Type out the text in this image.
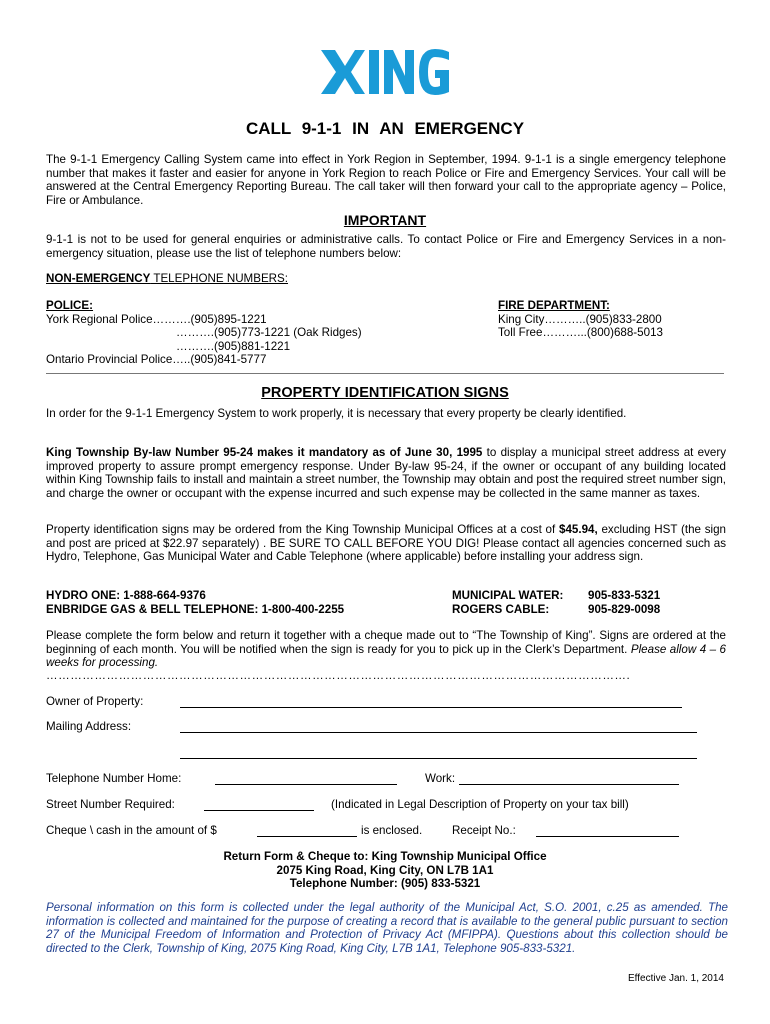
CALL 9-1-1 IN AN EMERGENCY

The 9-1-1 Emergency Calling System came into effect in York Region in September, 1994. 9-1-1 is a single emergency telephone number that makes it faster and easier for anyone in York Region to reach Police or Fire and Emergency Services. Your call will be answered at the Central Emergency Reporting Bureau. The call taker will then forward your call to the appropriate agency – Police, Fire or Ambulance.

IMPORTANT

9-1-1 is not to be used for general enquiries or administrative calls. To contact Police or Fire and Emergency Services in a non-emergency situation, please use the list of telephone numbers below:

NON-EMERGENCY TELEPHONE NUMBERS:
POLICE:
York Regional Police……….(905)895-1221
……….(905)773-1221 (Oak Ridges)
……….(905)881-1221
Ontario Provincial Police…..(905)841-5777
FIRE DEPARTMENT:
King City………..(905)833-2800
Toll Free………...(800)688-5013
PROPERTY IDENTIFICATION SIGNS

In order for the 9-1-1 Emergency System to work properly, it is necessary that every property be clearly identified.

King Township By-law Number 95-24 makes it mandatory as of June 30, 1995 to display a municipal street address at every improved property to assure prompt emergency response. Under By-law 95-24, if the owner or occupant of any building located within King Township fails to install and maintain a street number, the Township may obtain and post the required street number sign, and charge the owner or occupant with the expense incurred and such expense may be collected in the same manner as taxes.

Property identification signs may be ordered from the King Township Municipal Offices at a cost of $45.94, excluding HST (the sign and post are priced at $22.97 separately) . BE SURE TO CALL BEFORE YOU DIG! Please contact all agencies concerned such as Hydro, Telephone, Gas Municipal Water and Cable Telephone (where applicable) before installing your address sign.

HYDRO ONE: 1-888-664-9376
ENBRIDGE GAS & BELL TELEPHONE: 1-800-400-2255
MUNICIPAL WATER: 905-833-5321
ROGERS CABLE:	905-829-0098

Please complete the form below and return it together with a cheque made out to “The Township of King”. Signs are ordered at the beginning of each month. You will be notified when the sign is ready for you to pick up in the Clerk’s Department. Please allow 4 – 6 weeks for processing.

……………………………………………………………………………………………………………………………….
Owner of Property:
Mailing Address:
Telephone Number Home:	Work:
Street Number Required:	(Indicated in Legal Description of Property on your tax bill)
Cheque \ cash in the amount of $	is enclosed.	Receipt No.:
Return Form & Cheque to: King Township Municipal Office
2075 King Road, King City, ON L7B 1A1
Telephone Number: (905) 833-5321

Personal information on this form is collected under the legal authority of the Municipal Act, S.O. 2001, c.25 as amended. The information is collected and maintained for the purpose of creating a record that is available to the general public pursuant to section 27 of the Municipal Freedom of Information and Protection of Privacy Act (MFIPPA). Questions about this collection should be directed to the Clerk, Township of King, 2075 King Road, King City, L7B 1A1, Telephone 905-833-5321.

Effective Jan. 1, 2014
